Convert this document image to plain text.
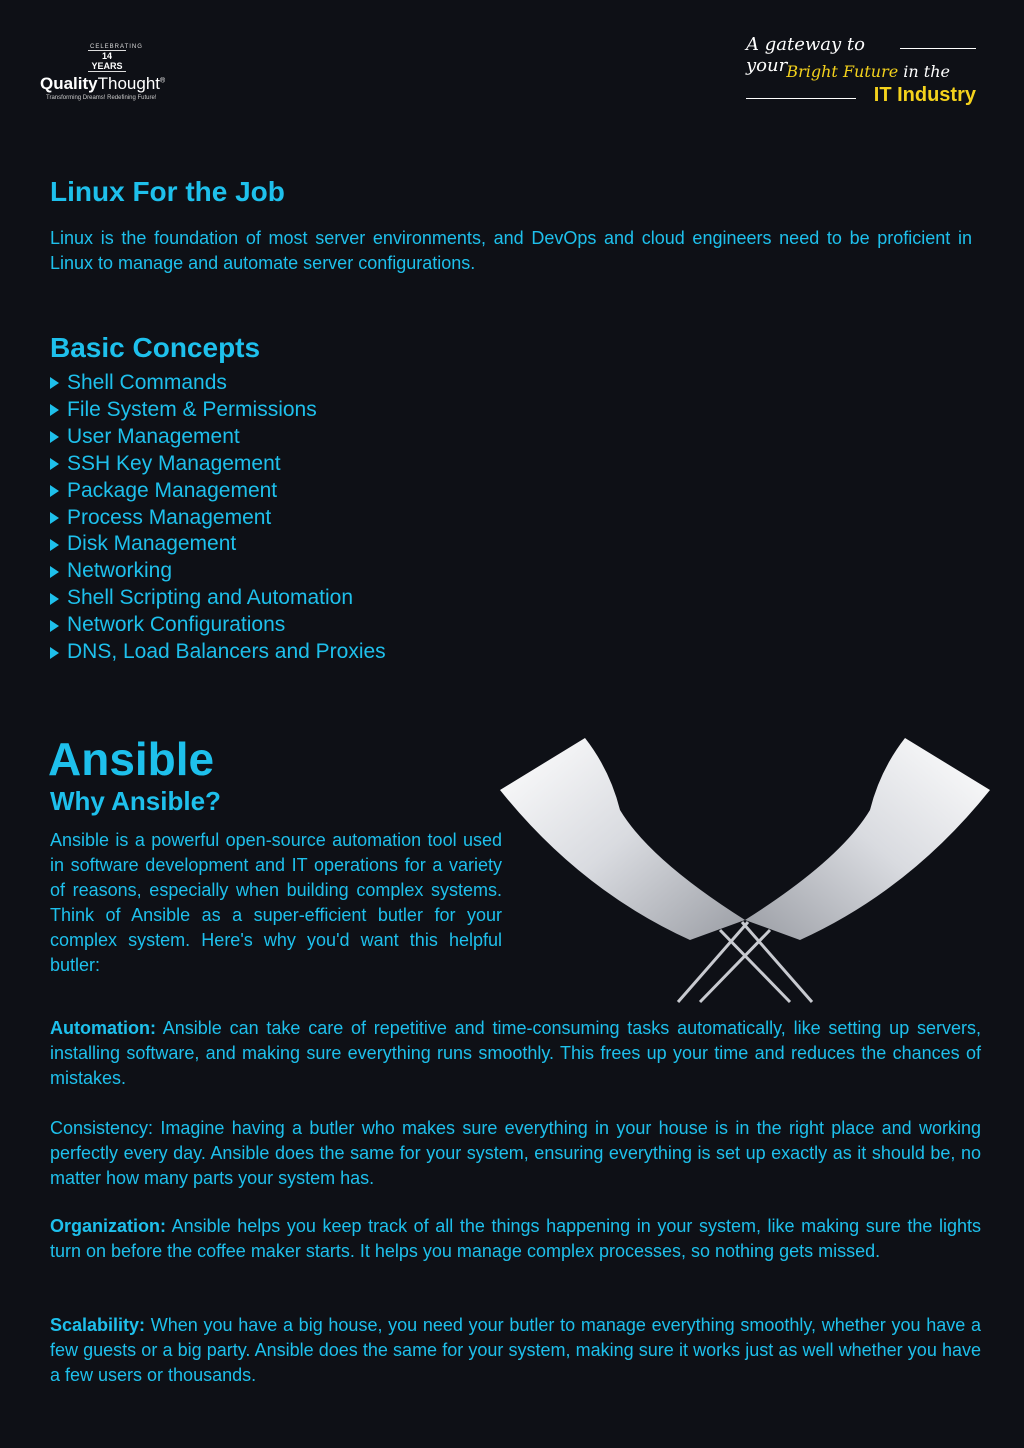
CELEBRATING
14 YEARS
QualityThought®
Transforming Dreams! Redefining Future!
A gateway to your Bright Future in the
IT Industry
Linux For the Job

Linux is the foundation of most server environments, and DevOps and cloud engineers need to be proficient in Linux to manage and automate server configurations.

Basic Concepts
Shell Commands
File System & Permissions
User Management
SSH Key Management
Package Management
Process Management
Disk Management
Networking
Shell Scripting and Automation
Network Configurations
DNS, Load Balancers and Proxies
Ansible
Why Ansible?

Ansible is a powerful open-source automation tool used in software development and IT operations for a variety of reasons, especially when building complex systems. Think of Ansible as a super-efficient butler for your complex system. Here's why you'd want this helpful butler:

Automation: Ansible can take care of repetitive and time-consuming tasks automatically, like setting up servers, installing software, and making sure everything runs smoothly. This frees up your time and reduces the chances of mistakes.

Consistency: Imagine having a butler who makes sure everything in your house is in the right place and working perfectly every day. Ansible does the same for your system, ensuring everything is set up exactly as it should be, no matter how many parts your system has.

Organization: Ansible helps you keep track of all the things happening in your system, like making sure the lights turn on before the coffee maker starts. It helps you manage complex processes, so nothing gets missed.

Scalability: When you have a big house, you need your butler to manage everything smoothly, whether you have a few guests or a big party. Ansible does the same for your system, making sure it works just as well whether you have a few users or thousands.
